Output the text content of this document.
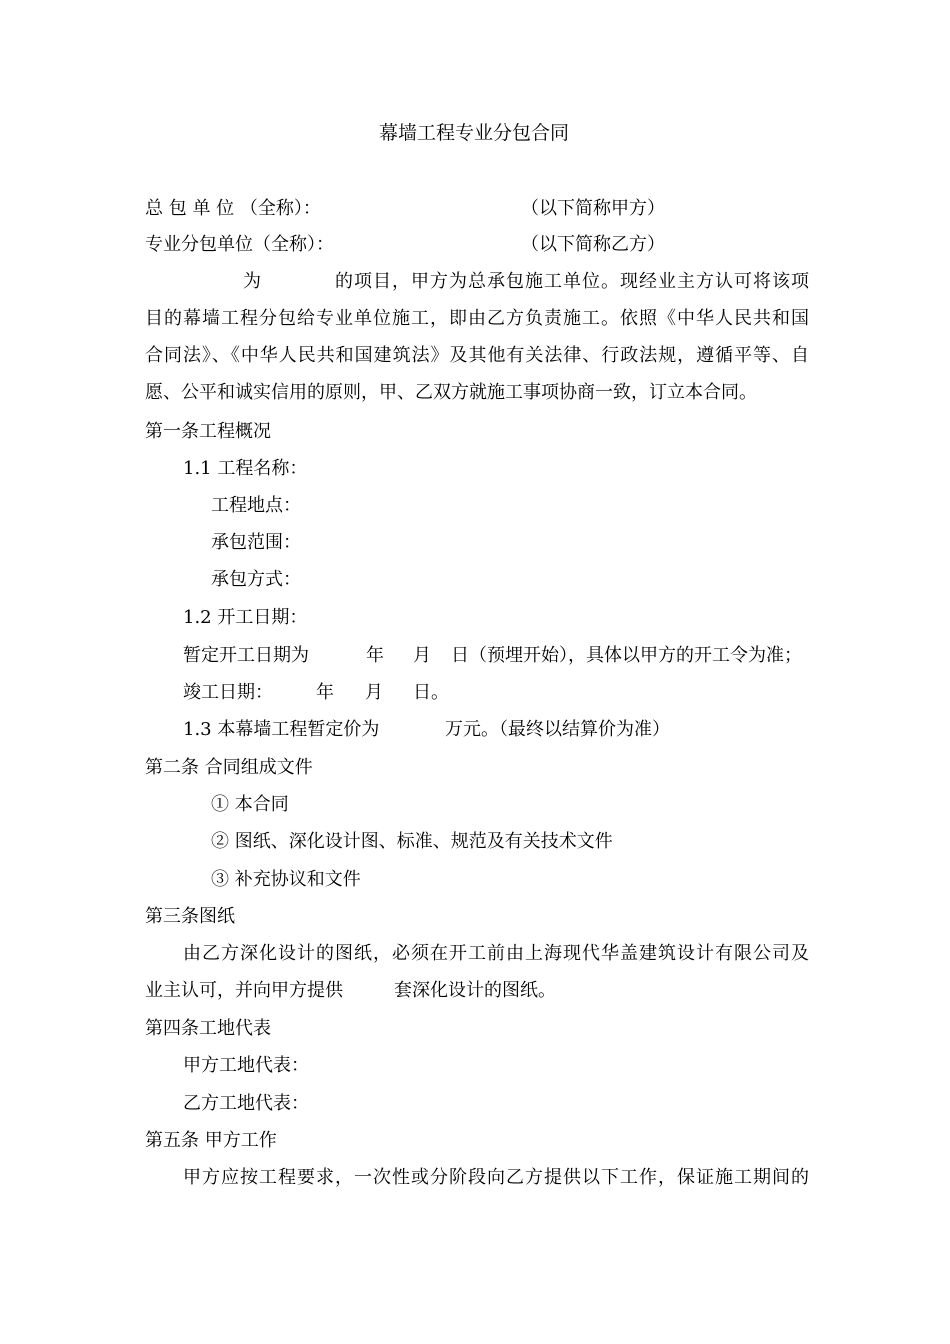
幕墙工程专业分包合同
总 包 单 位 （全称）：	（以下简称甲方）
专业分包单位（全称）：	（以下简称乙方）
为	的项目，甲方为总承包施工单位。现经业主方认可将该项
目的幕墙工程分包给专业单位施工，即由乙方负责施工。依照《中华人民共和国
合同法》、《中华人民共和国建筑法》及其他有关法律、行政法规，遵循平等、自
愿、公平和诚实信用的原则，甲、乙双方就施工事项协商一致，订立本合同。
第一条工程概况
1.1 工程名称：
工程地点：
承包范围：
承包方式：
1.2 开工日期：
暂定开工日期为	年 月 日（预埋开始），具体以甲方的开工令为准；
竣工日期： 年 月 日。
1.3 本幕墙工程暂定价为	万元。（最终以结算价为准）
第二条 合同组成文件
① 本合同
② 图纸、深化设计图、标准、规范及有关技术文件
③ 补充协议和文件
第三条图纸
由乙方深化设计的图纸，必须在开工前由上海现代华盖建筑设计有限公司及
业主认可，并向甲方提供	套深化设计的图纸。
第四条工地代表
甲方工地代表：
乙方工地代表：
第五条 甲方工作
甲方应按工程要求，一次性或分阶段向乙方提供以下工作，保证施工期间的
